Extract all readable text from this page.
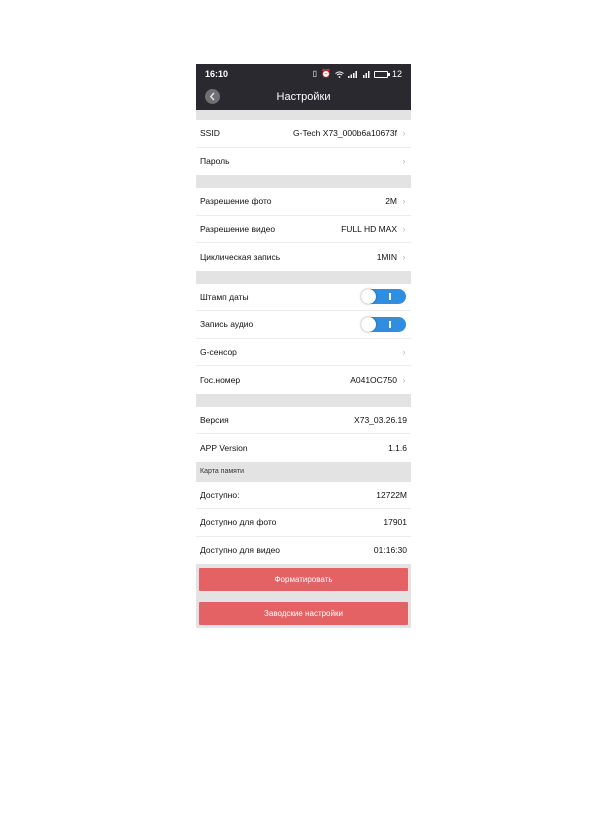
16:10	▯ ⏰	12
Настройки
SSID	G-Tech X73_000b6a10673f ›
Пароль	›
Разрешение фото	2M ›
Разрешение видео	FULL HD MAX ›
Циклическая запись	1MIN ›
Штамп даты
Запись аудио
G-сенсор	›
Гос.номер	А041ОС750 ›
Версия	X73_03.26.19
APP Version	1.1.6
Карта памяти
Доступно:	12722M
Доступно для фото	17901
Доступно для видео	01:16:30
Форматировать
Заводские настройки
